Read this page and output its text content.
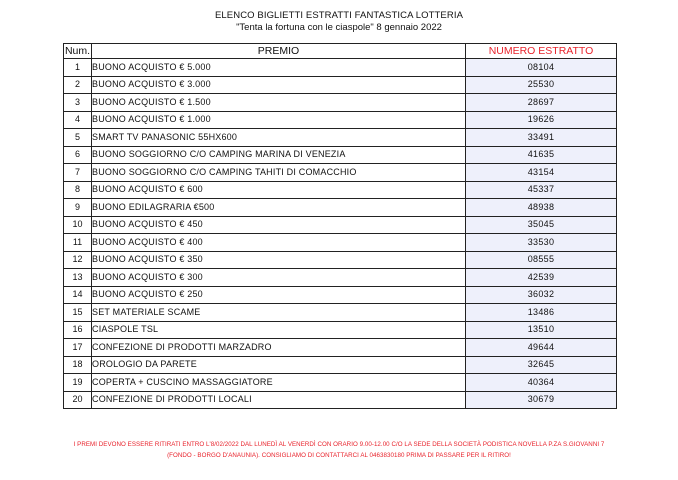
ELENCO BIGLIETTI ESTRATTI FANTASTICA LOTTERIA
"Tenta la fortuna con le ciaspole" 8 gennaio 2022
Num.	PREMIO	NUMERO ESTRATTO
1	BUONO ACQUISTO € 5.000	08104
2	BUONO ACQUISTO € 3.000	25530
3	BUONO ACQUISTO € 1.500	28697
4	BUONO ACQUISTO € 1.000	19626
5	SMART TV PANASONIC 55HX600	33491
6	BUONO SOGGIORNO C/O CAMPING MARINA DI VENEZIA	41635
7	BUONO SOGGIORNO C/O CAMPING TAHITI DI COMACCHIO	43154
8	BUONO ACQUISTO € 600	45337
9	BUONO EDILAGRARIA €500	48938
10	BUONO ACQUISTO € 450	35045
11	BUONO ACQUISTO € 400	33530
12	BUONO ACQUISTO € 350	08555
13	BUONO ACQUISTO € 300	42539
14	BUONO ACQUISTO € 250	36032
15	SET MATERIALE SCAME	13486
16	CIASPOLE TSL	13510
17	CONFEZIONE DI PRODOTTI MARZADRO	49644
18	OROLOGIO DA PARETE	32645
19	COPERTA + CUSCINO MASSAGGIATORE	40364
20	CONFEZIONE DI PRODOTTI LOCALI	30679
I PREMI DEVONO ESSERE RITIRATI ENTRO L'8/02/2022 DAL LUNEDÌ AL VENERDÌ CON ORARIO 9.00-12.00 C/O LA SEDE DELLA SOCIETÀ PODISTICA NOVELLA P.ZA S.GIOVANNI 7
(FONDO - BORGO D'ANAUNIA). CONSIGLIAMO DI CONTATTARCI AL 0463830180 PRIMA DI PASSARE PER IL RITIRO!
